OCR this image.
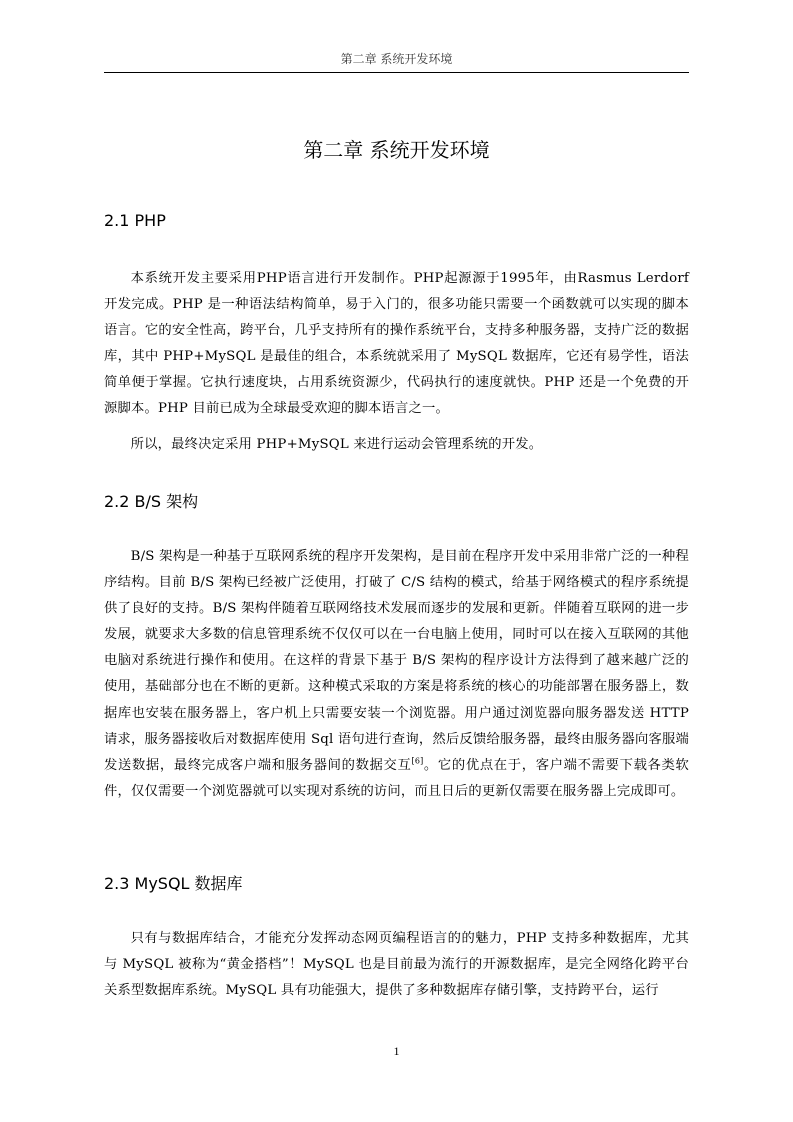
第二章 系统开发环境
第二章 系统开发环境
2.1 PHP

本系统开发主要采用PHP语言进行开发制作。PHP起源源于1995年，由Rasmus Lerdorf 开发完成。PHP 是一种语法结构简单，易于入门的，很多功能只需要一个函数就可以实现的脚本语言。它的安全性高，跨平台，几乎支持所有的操作系统平台，支持多种服务器，支持广泛的数据库，其中 PHP+MySQL 是最佳的组合，本系统就采用了 MySQL 数据库，它还有易学性，语法简单便于掌握。它执行速度块，占用系统资源少，代码执行的速度就快。PHP 还是一个免费的开源脚本。PHP 目前已成为全球最受欢迎的脚本语言之一。

所以，最终决定采用 PHP+MySQL 来进行运动会管理系统的开发。

2.2 B/S 架构

B/S 架构是一种基于互联网系统的程序开发架构，是目前在程序开发中采用非常广泛的一种程序结构。目前 B/S 架构已经被广泛使用，打破了 C/S 结构的模式，给基于网络模式的程序系统提供了良好的支持。B/S 架构伴随着互联网络技术发展而逐步的发展和更新。伴随着互联网的进一步发展，就要求大多数的信息管理系统不仅仅可以在一台电脑上使用，同时可以在接入互联网的其他电脑对系统进行操作和使用。在这样的背景下基于 B/S 架构的程序设计方法得到了越来越广泛的使用，基础部分也在不断的更新。这种模式采取的方案是将系统的核心的功能部署在服务器上，数据库也安装在服务器上，客户机上只需要安装一个浏览器。用户通过浏览器向服务器发送 HTTP 请求，服务器接收后对数据库使用 Sql 语句进行查询，然后反馈给服务器，最终由服务器向客服端发送数据，最终完成客户端和服务器间的数据交互[6]。它的优点在于，客户端不需要下载各类软件，仅仅需要一个浏览器就可以实现对系统的访问，而且日后的更新仅需要在服务器上完成即可。

2.3 MySQL 数据库

只有与数据库结合，才能充分发挥动态网页编程语言的的魅力，PHP 支持多种数据库，尤其与 MySQL 被称为“黄金搭档”！MySQL 也是目前最为流行的开源数据库，是完全网络化跨平台关系型数据库系统。MySQL 具有功能强大，提供了多种数据库存储引擎，支持跨平台，运行

1
